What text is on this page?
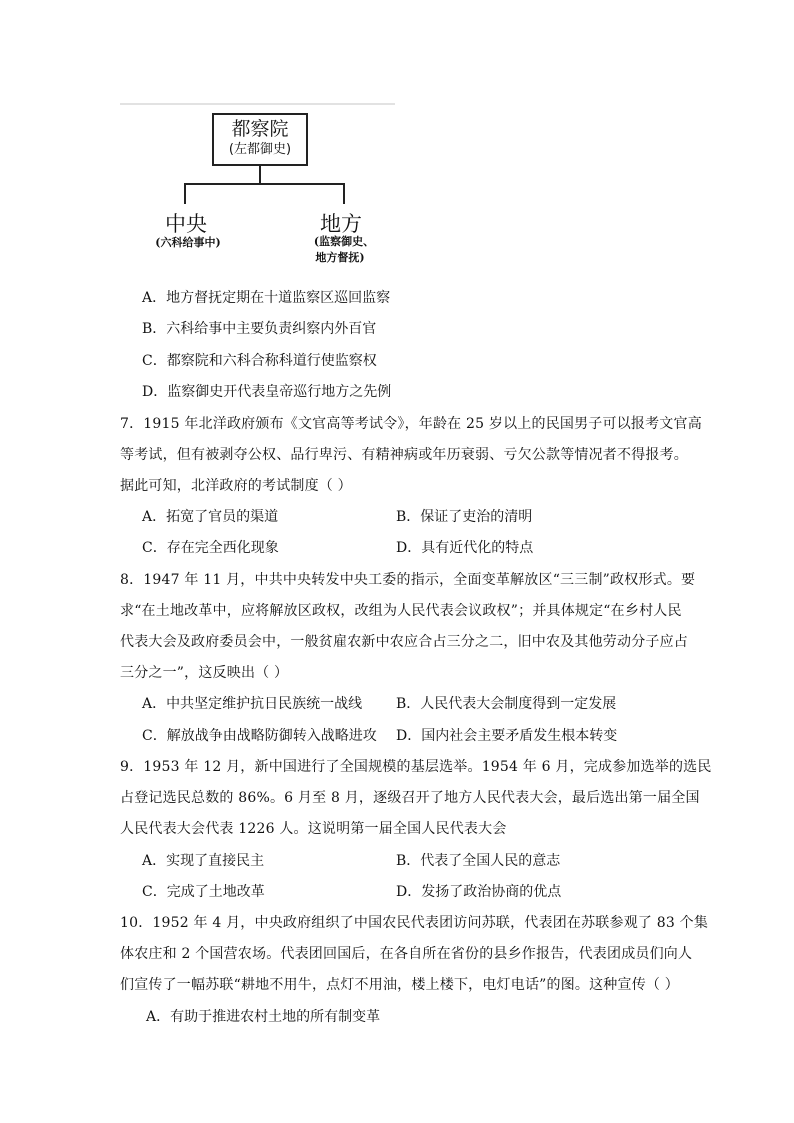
都察院
(左都御史)
中央
(六科给事中)
地方
(监察御史、
地方督抚)
A．地方督抚定期在十道监察区巡回监察
B．六科给事中主要负责纠察内外百官
C．都察院和六科合称科道行使监察权
D．监察御史开代表皇帝巡行地方之先例
7．1915 年北洋政府颁布《文官高等考试令》，年龄在 25 岁以上的民国男子可以报考文官高
等考试，但有被剥夺公权、品行卑污、有精神病或年历衰弱、亏欠公款等情况者不得报考。
据此可知，北洋政府的考试制度（ ）
A．拓宽了官员的渠道	B．保证了吏治的清明
C．存在完全西化现象	D．具有近代化的特点
8．1947 年 11 月，中共中央转发中央工委的指示，全面变革解放区“三三制”政权形式。要
求“在土地改革中，应将解放区政权，改组为人民代表会议政权”；并具体规定“在乡村人民
代表大会及政府委员会中，一般贫雇农新中农应合占三分之二，旧中农及其他劳动分子应占
三分之一”，这反映出（ ）
A．中共坚定维护抗日民族统一战线 B．人民代表大会制度得到一定发展
C．解放战争由战略防御转入战略进攻 D．国内社会主要矛盾发生根本转变
9．1953 年 12 月，新中国进行了全国规模的基层选举。1954 年 6 月，完成参加选举的选民
占登记选民总数的 86%。6 月至 8 月，逐级召开了地方人民代表大会，最后选出第一届全国
人民代表大会代表 1226 人。这说明第一届全国人民代表大会
A．实现了直接民主	B．代表了全国人民的意志
C．完成了土地改革	D．发扬了政治协商的优点
10．1952 年 4 月，中央政府组织了中国农民代表团访问苏联，代表团在苏联参观了 83 个集
体农庄和 2 个国营农场。代表团回国后，在各自所在省份的县乡作报告，代表团成员们向人
们宣传了一幅苏联“耕地不用牛，点灯不用油，楼上楼下，电灯电话”的图。这种宣传（ ）
A．有助于推进农村土地的所有制变革
